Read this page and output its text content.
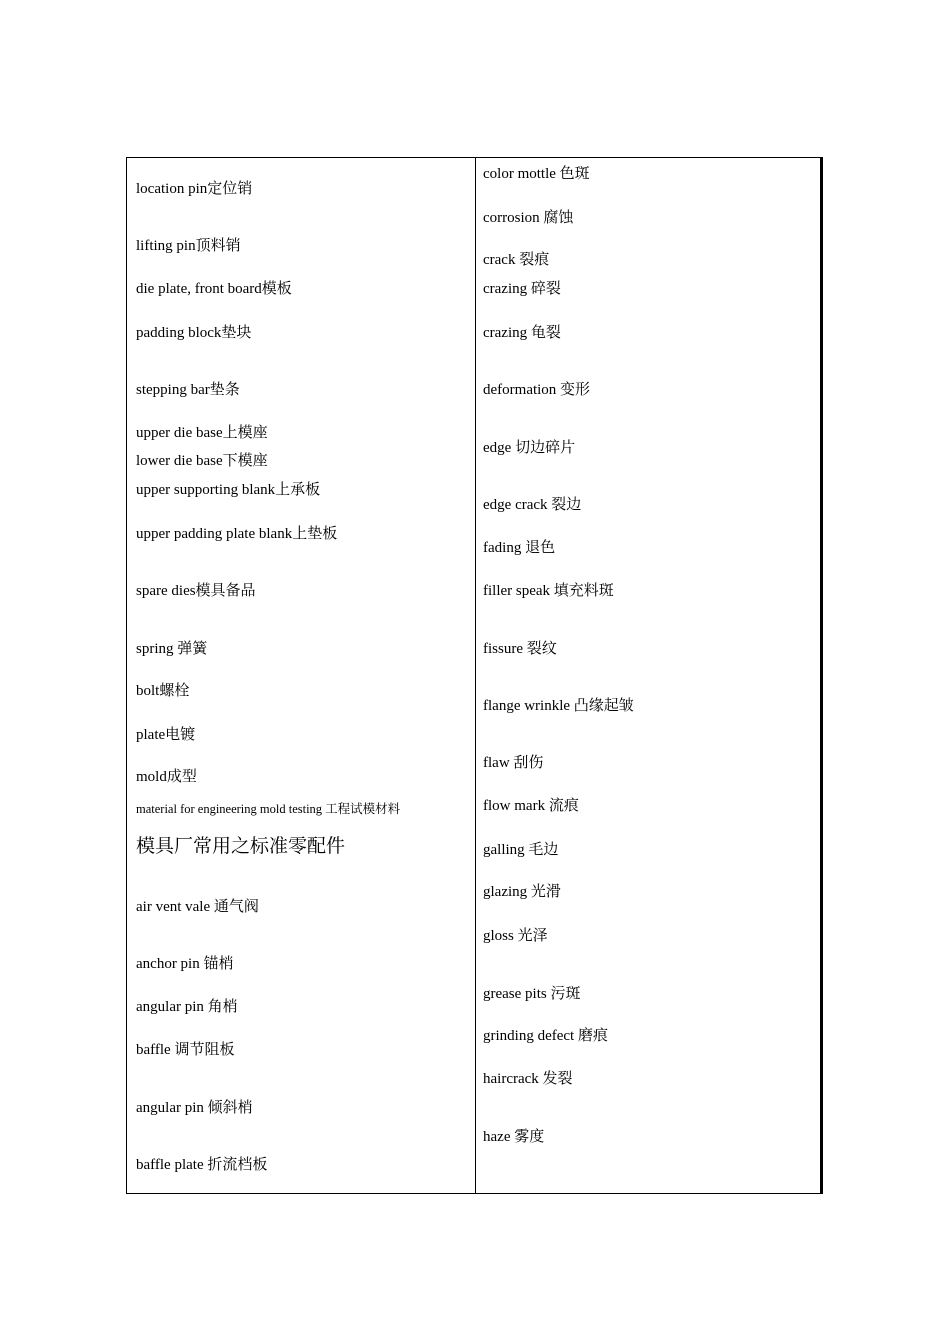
location pin定位销
lifting pin顶料销
die plate, front board模板
padding block垫块
stepping bar垫条
upper die base上模座
lower die base下模座
upper supporting blank上承板
upper padding plate blank上垫板
spare dies模具备品
spring 弹簧
bolt螺栓
plate电镀
mold成型
material for engineering mold testing 工程试模材料
模具厂常用之标准零配件
air vent vale 通气阀
anchor pin 锚梢
angular pin 角梢
baffle 调节阻板
angular pin 倾斜梢
baffle plate 折流档板
color mottle 色斑
corrosion 腐蚀
crack 裂痕
crazing 碎裂
crazing 龟裂
deformation 变形
edge 切边碎片
edge crack 裂边
fading 退色
filler speak 填充料斑
fissure 裂纹
flange wrinkle 凸缘起皱
flaw 刮伤
flow mark 流痕
galling 毛边
glazing 光滑
gloss 光泽
grease pits 污斑
grinding defect 磨痕
haircrack 发裂
haze 雾度
